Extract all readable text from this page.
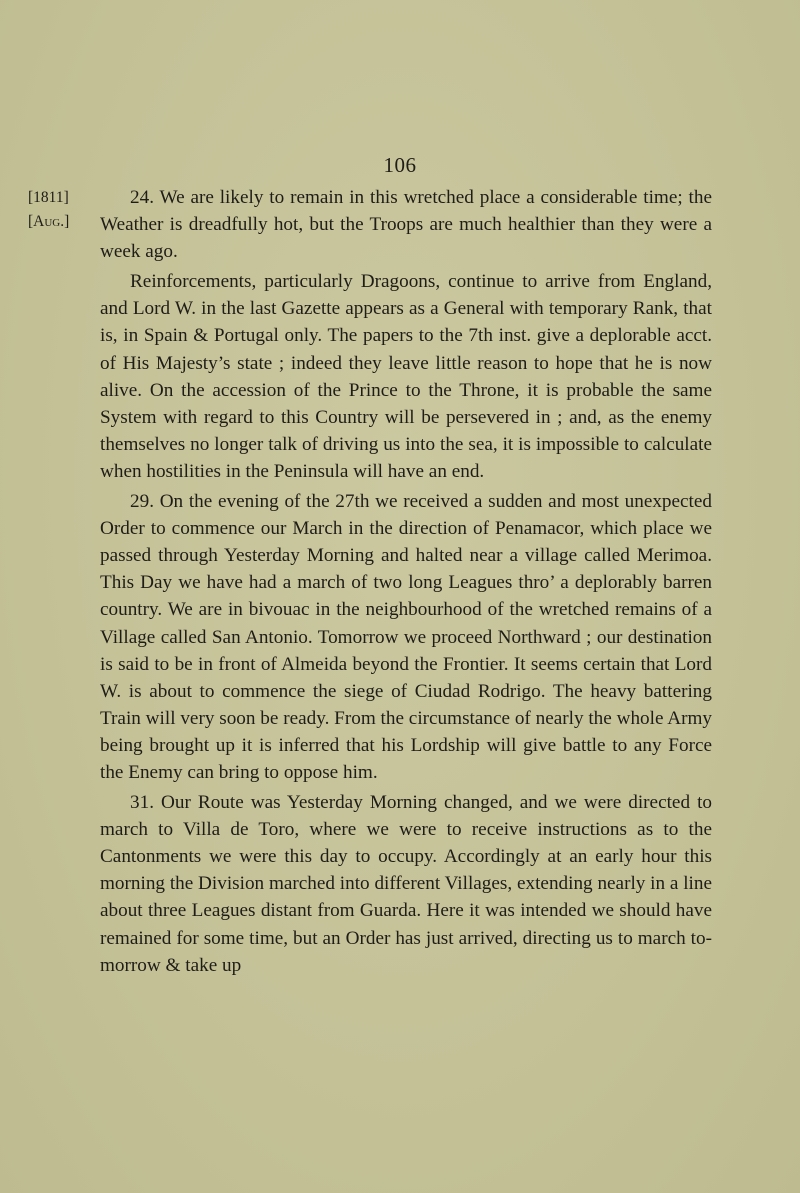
106
[1811]
[Aug.]

24. We are likely to remain in this wretched place a considerable time; the Weather is dreadfully hot, but the Troops are much healthier than they were a week ago.

Reinforcements, particularly Dragoons, continue to arrive from England, and Lord W. in the last Gazette appears as a General with temporary Rank, that is, in Spain & Portugal only. The papers to the 7th inst. give a deplorable acct. of His Majesty’s state ; indeed they leave little reason to hope that he is now alive. On the accession of the Prince to the Throne, it is probable the same System with regard to this Country will be persevered in ; and, as the enemy themselves no longer talk of driving us into the sea, it is impossible to calculate when hostilities in the Peninsula will have an end.

29. On the evening of the 27th we received a sudden and most unexpected Order to commence our March in the direction of Penamacor, which place we passed through Yesterday Morning and halted near a village called Merimoa. This Day we have had a march of two long Leagues thro’ a deplorably barren country. We are in bivouac in the neighbourhood of the wretched remains of a Village called San Antonio. Tomorrow we proceed Northward ; our destination is said to be in front of Almeida beyond the Frontier. It seems certain that Lord W. is about to commence the siege of Ciudad Rodrigo. The heavy battering Train will very soon be ready. From the circumstance of nearly the whole Army being brought up it is inferred that his Lordship will give battle to any Force the Enemy can bring to oppose him.

31. Our Route was Yesterday Morning changed, and we were directed to march to Villa de Toro, where we were to receive instructions as to the Cantonments we were this day to occupy. Accordingly at an early hour this morning the Division marched into different Villages, extending nearly in a line about three Leagues distant from Guarda. Here it was intended we should have remained for some time, but an Order has just arrived, directing us to march to-morrow & take up
